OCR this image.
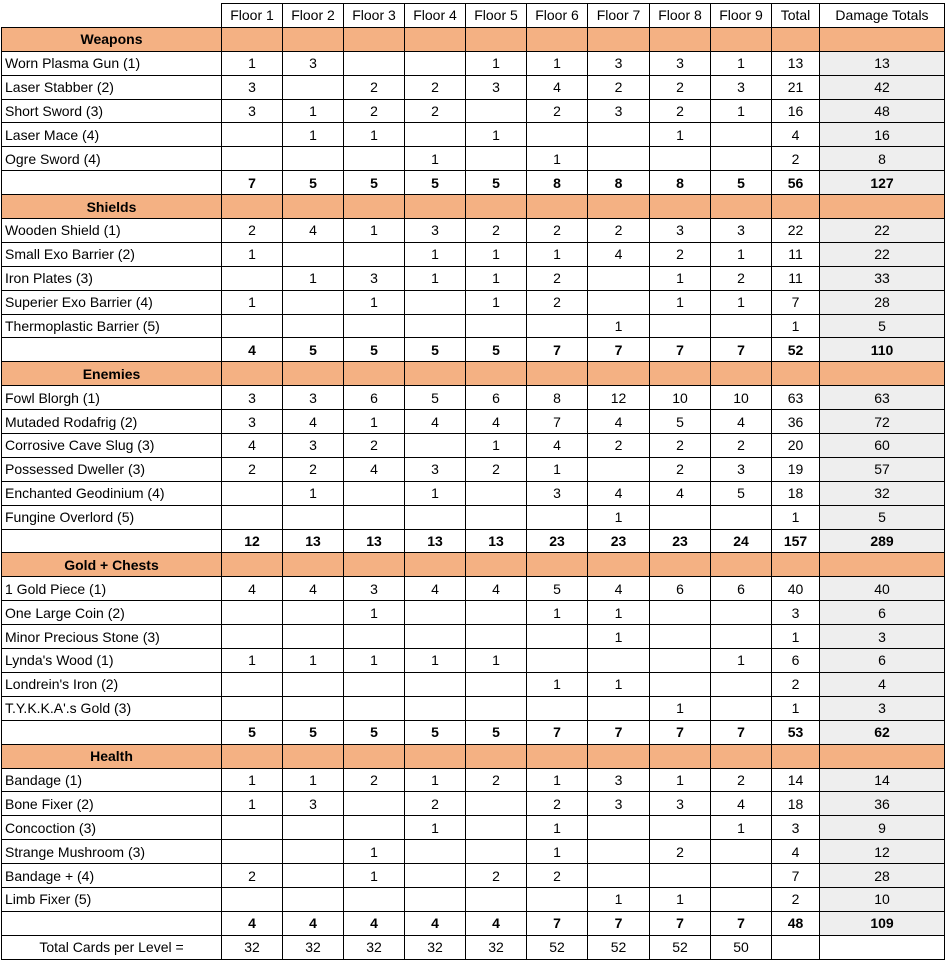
	Floor 1	Floor 2	Floor 3	Floor 4	Floor 5	Floor 6	Floor 7	Floor 8	Floor 9	Total	Damage Totals
Weapons											
Worn Plasma Gun (1)	1	3			1	1	3	3	1	13	13
Laser Stabber (2)	3		2	2	3	4	2	2	3	21	42
Short Sword (3)	3	1	2	2		2	3	2	1	16	48
Laser Mace (4)		1	1		1			1		4	16
Ogre Sword (4)				1		1				2	8
	7	5	5	5	5	8	8	8	5	56	127
Shields											
Wooden Shield (1)	2	4	1	3	2	2	2	3	3	22	22
Small Exo Barrier (2)	1			1	1	1	4	2	1	11	22
Iron Plates (3)		1	3	1	1	2		1	2	11	33
Superier Exo Barrier (4)	1		1		1	2		1	1	7	28
Thermoplastic Barrier (5)							1			1	5
	4	5	5	5	5	7	7	7	7	52	110
Enemies											
Fowl Blorgh (1)	3	3	6	5	6	8	12	10	10	63	63
Mutaded Rodafrig (2)	3	4	1	4	4	7	4	5	4	36	72
Corrosive Cave Slug (3)	4	3	2		1	4	2	2	2	20	60
Possessed Dweller (3)	2	2	4	3	2	1		2	3	19	57
Enchanted Geodinium (4)		1		1		3	4	4	5	18	32
Fungine Overlord (5)							1			1	5
	12	13	13	13	13	23	23	23	24	157	289
Gold + Chests											
1 Gold Piece (1)	4	4	3	4	4	5	4	6	6	40	40
One Large Coin (2)			1			1	1			3	6
Minor Precious Stone (3)							1			1	3
Lynda's Wood (1)	1	1	1	1	1				1	6	6
Londrein's Iron (2)						1	1			2	4
T.Y.K.K.A'.s Gold (3)								1		1	3
	5	5	5	5	5	7	7	7	7	53	62
Health											
Bandage (1)	1	1	2	1	2	1	3	1	2	14	14
Bone Fixer (2)	1	3		2		2	3	3	4	18	36
Concoction (3)				1		1			1	3	9
Strange Mushroom (3)			1			1		2		4	12
Bandage + (4)	2		1		2	2				7	28
Limb Fixer (5)							1	1		2	10
	4	4	4	4	4	7	7	7	7	48	109
Total Cards per Level =	32	32	32	32	32	52	52	52	50		
